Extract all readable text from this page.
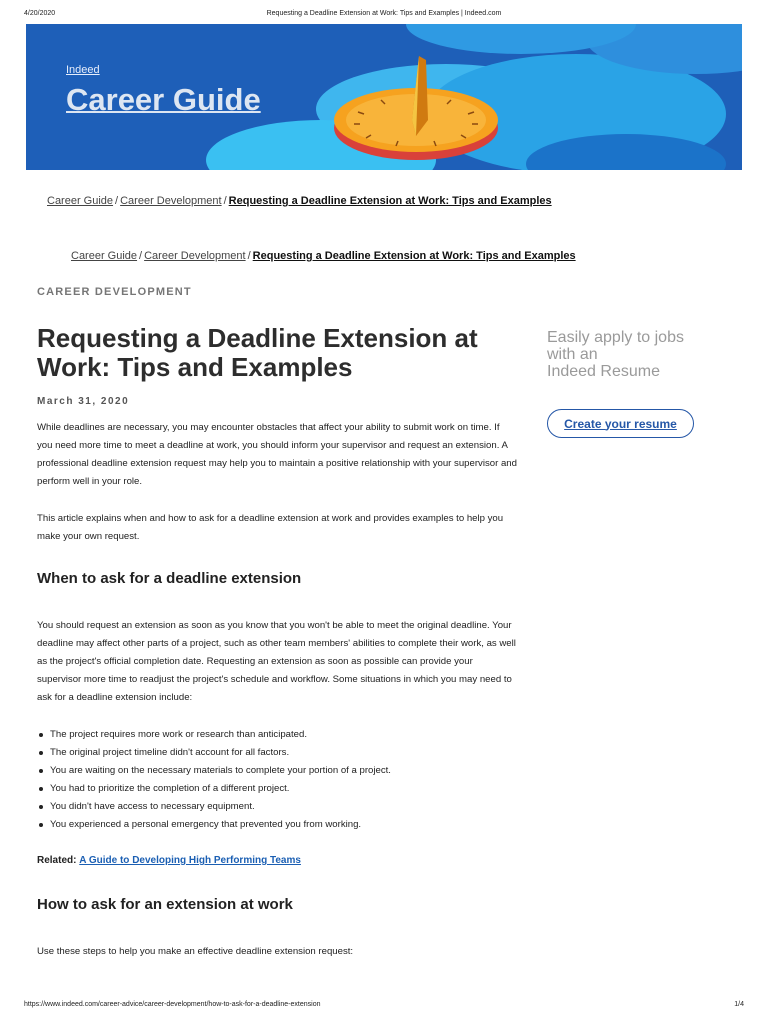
4/20/2020	Requesting a Deadline Extension at Work: Tips and Examples | Indeed.com
Indeed
Career Guide
Career Guide / Career Development / Requesting a Deadline Extension at Work: Tips and Examples
Career Guide / Career Development / Requesting a Deadline Extension at Work: Tips and Examples
CAREER DEVELOPMENT
Requesting a Deadline Extension at Work: Tips and Examples
March 31, 2020

While deadlines are necessary, you may encounter obstacles that affect your ability to submit work on time. If you need more time to meet a deadline at work, you should inform your supervisor and request an extension. A professional deadline extension request may help you to maintain a positive relationship with your supervisor and perform well in your role.

This article explains when and how to ask for a deadline extension at work and provides examples to help you make your own request.

When to ask for a deadline extension

You should request an extension as soon as you know that you won't be able to meet the original deadline. Your deadline may affect other parts of a project, such as other team members' abilities to complete their work, as well as the project's official completion date. Requesting an extension as soon as possible can provide your supervisor more time to readjust the project's schedule and workflow. Some situations in which you may need to ask for a deadline extension include:

The project requires more work or research than anticipated.
The original project timeline didn't account for all factors.
You are waiting on the necessary materials to complete your portion of a project.
You had to prioritize the completion of a different project.
You didn't have access to necessary equipment.
You experienced a personal emergency that prevented you from working.
Related: A Guide to Developing High Performing Teams
How to ask for an extension at work

Use these steps to help you make an effective deadline extension request:

Easily apply to jobs
with an
Indeed Resume
Create your resume
https://www.indeed.com/career-advice/career-development/how-to-ask-for-a-deadline-extension	1/4
